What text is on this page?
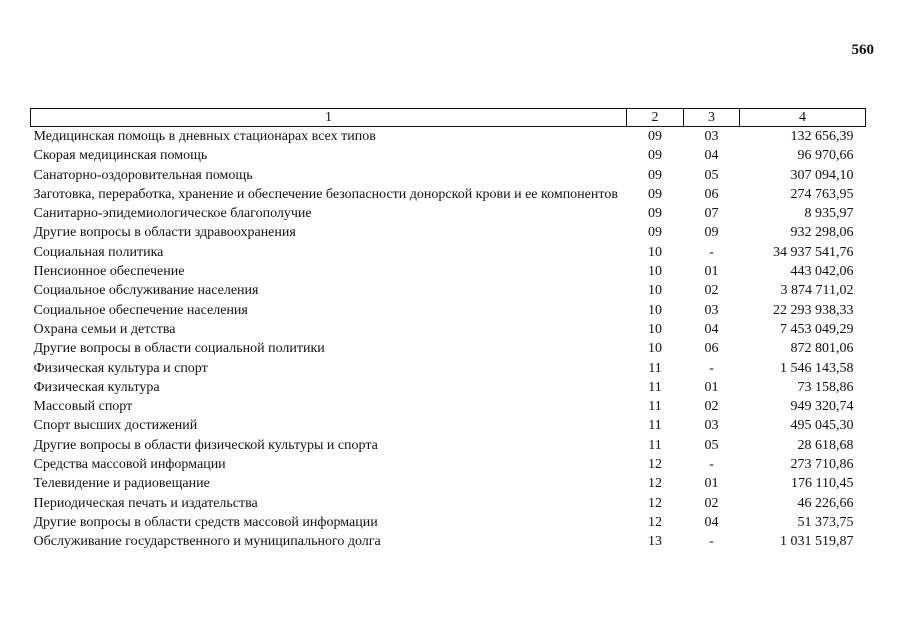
560
1	2	3	4
Медицинская помощь в дневных стационарах всех типов	09	03	132 656,39
Скорая медицинская помощь	09	04	96 970,66
Санаторно-оздоровительная помощь	09	05	307 094,10
Заготовка, переработка, хранение и обеспечение безопасности донорской крови и ее компонентов	09	06	274 763,95
Санитарно-эпидемиологическое благополучие	09	07	8 935,97
Другие вопросы в области здравоохранения	09	09	932 298,06
Социальная политика	10	-	34 937 541,76
Пенсионное обеспечение	10	01	443 042,06
Социальное обслуживание населения	10	02	3 874 711,02
Социальное обеспечение населения	10	03	22 293 938,33
Охрана семьи и детства	10	04	7 453 049,29
Другие вопросы в области социальной политики	10	06	872 801,06
Физическая культура и спорт	11	-	1 546 143,58
Физическая культура	11	01	73 158,86
Массовый спорт	11	02	949 320,74
Спорт высших достижений	11	03	495 045,30
Другие вопросы в области физической культуры и спорта	11	05	28 618,68
Средства массовой информации	12	-	273 710,86
Телевидение и радиовещание	12	01	176 110,45
Периодическая печать и издательства	12	02	46 226,66
Другие вопросы в области средств массовой информации	12	04	51 373,75
Обслуживание государственного и муниципального долга	13	-	1 031 519,87
